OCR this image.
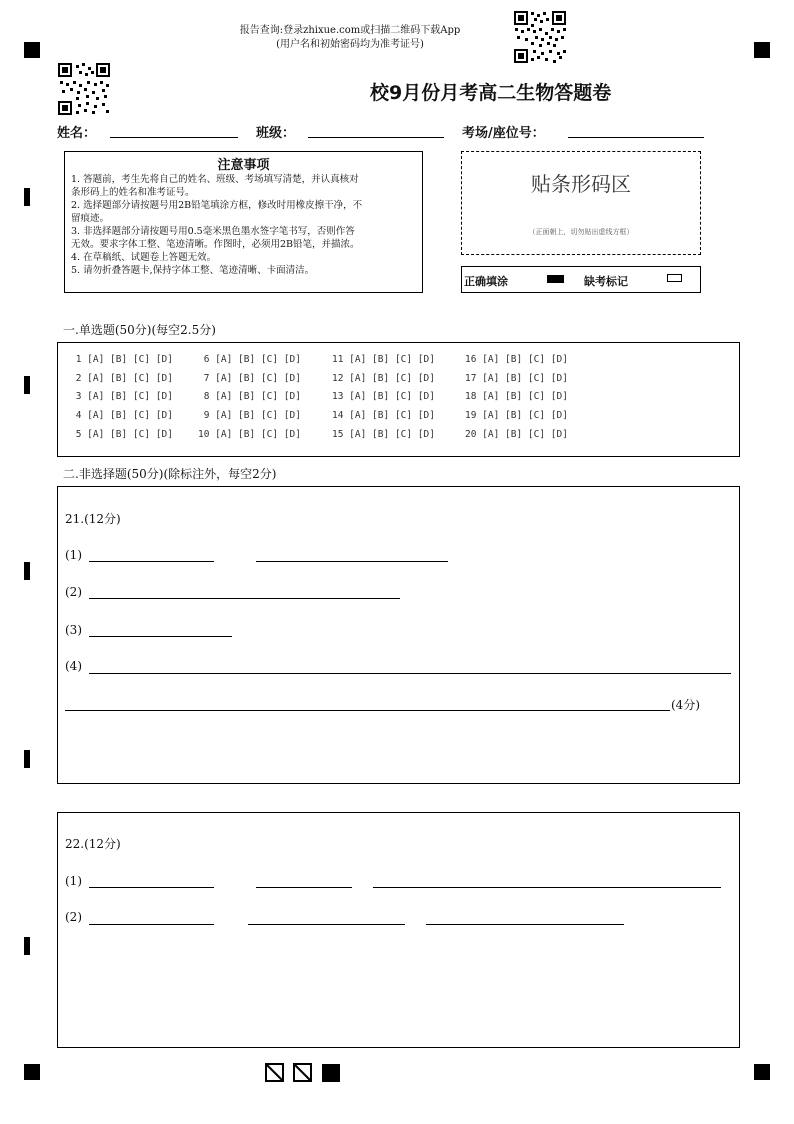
报告查询:登录zhixue.com或扫描二维码下载App
(用户名和初始密码均为准考证号)
校9月份月考高二生物答题卷
姓名：	班级：	考场/座位号：
注意事项
1. 答题前，考生先将自己的姓名、班级、考场填写清楚，并认真核对
条形码上的姓名和准考证号。
2. 选择题部分请按题号用2B铅笔填涂方框，修改时用橡皮擦干净，不
留痕迹。
3. 非选择题部分请按题号用0.5毫米黑色墨水签字笔书写，否则作答
无效。要求字体工整、笔迹清晰。作图时，必须用2B铅笔，并描浓。
4. 在草稿纸、试题卷上答题无效。
5. 请勿折叠答题卡,保持字体工整、笔迹清晰、卡面清洁。
贴条形码区
（正面朝上，切勿贴出虚线方框）
正确填涂	缺考标记
一.单选题(50分)(每空2.5分)
1 [A] [B] [C] [D]	6 [A] [B] [C] [D]	11 [A] [B] [C] [D]	16 [A] [B] [C] [D]
2 [A] [B] [C] [D]	7 [A] [B] [C] [D]	12 [A] [B] [C] [D]	17 [A] [B] [C] [D]
3 [A] [B] [C] [D]	8 [A] [B] [C] [D]	13 [A] [B] [C] [D]	18 [A] [B] [C] [D]
4 [A] [B] [C] [D]	9 [A] [B] [C] [D]	14 [A] [B] [C] [D]	19 [A] [B] [C] [D]
5 [A] [B] [C] [D]	10 [A] [B] [C] [D]	15 [A] [B] [C] [D]	20 [A] [B] [C] [D]
二.非选择题(50分)(除标注外，每空2分)
21.(12分)
(1)
(2)
(3)
(4)
(4分)
22.(12分)
(1)
(2)
